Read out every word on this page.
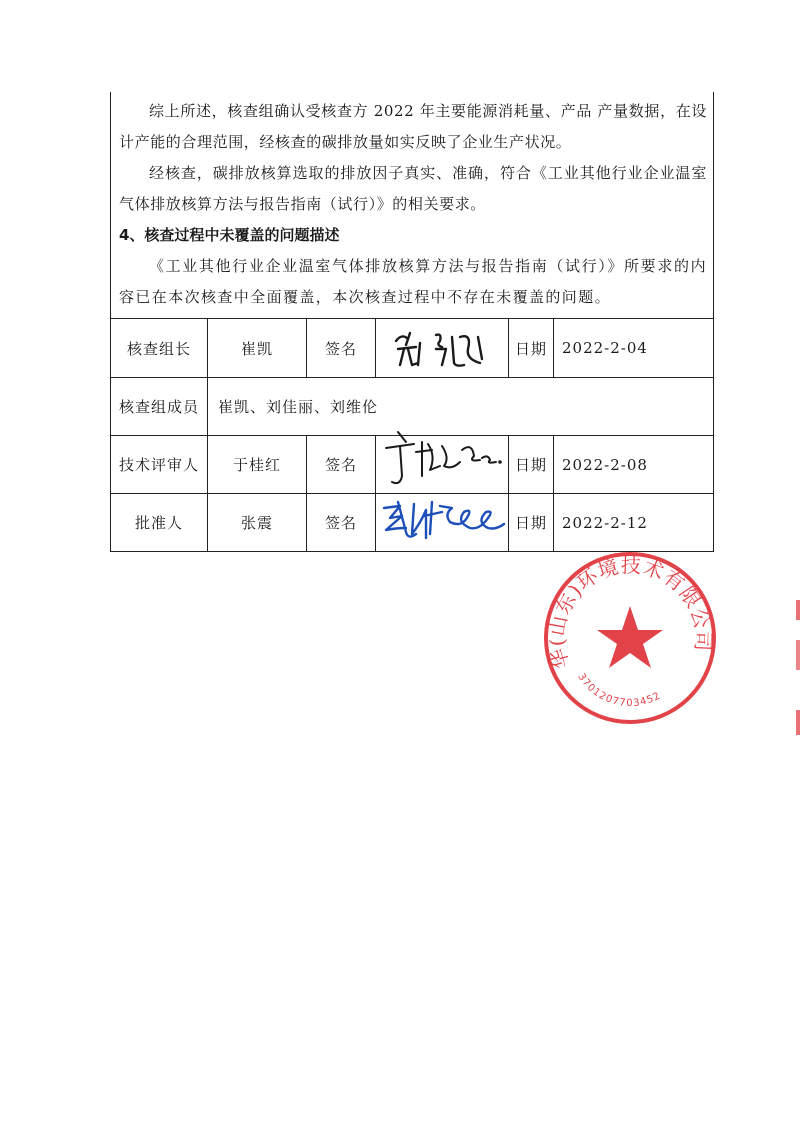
综上所述，核查组确认受核查方 2022 年主要能源消耗量、产品 产量数据，在设计产能的合理范围，经核查的碳排放量如实反映了企业生产状况。

经核查，碳排放核算选取的排放因子真实、准确，符合《工业其他行业企业温室气体排放核算方法与报告指南（试行）》的相关要求。

4、核查过程中未覆盖的问题描述

《工业其他行业企业温室气体排放核算方法与报告指南（试行）》所要求的内容已在本次核查中全面覆盖，本次核查过程中不存在未覆盖的问题。

核查组长	崔凯	签名		日期	2022-2-04
核查组成员	崔凯、刘佳丽、刘维伦				
技术评审人	于桂红	签名		日期	2022-2-08
批准人	张震	签名		日期	2022-2-12
华(山东)环境技术有限公司
3701207703452
